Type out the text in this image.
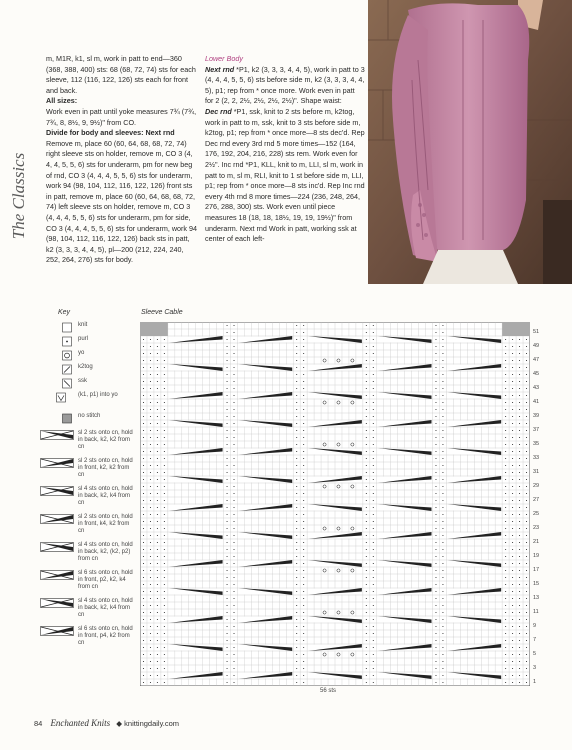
The Classics

m, M1R, k1, sl m, work in patt to end—360 (368, 388, 400) sts: 68 (68, 72, 74) sts for each sleeve, 112 (116, 122, 126) sts each for front and back.

All sizes:

Work even in patt until yoke measures 7¾ (7¾, 7¾, 8, 8½, 9, 9½)" from CO.

Divide for body and sleeves: Next rnd

Remove m, place 60 (60, 64, 68, 68, 72, 74) right sleeve sts on holder, remove m, CO 3 (4, 4, 4, 5, 5, 6) sts for underarm, pm for new beg of rnd, CO 3 (4, 4, 4, 5, 5, 6) sts for underarm, work 94 (98, 104, 112, 116, 122, 126) front sts in patt, remove m, place 60 (60, 64, 68, 68, 72, 74) left sleeve sts on holder, remove m, CO 3 (4, 4, 4, 5, 5, 6) sts for underarm, pm for side, CO 3 (4, 4, 4, 5, 5, 6) sts for underarm, work 94 (98, 104, 112, 116, 122, 126) back sts in patt, k2 (3, 3, 3, 4, 4, 5), pl—200 (212, 224, 240, 252, 264, 276) sts for body.

Lower Body

Next rnd *P1, k2 (3, 3, 3, 4, 4, 5), work in patt to 3 (4, 4, 4, 5, 5, 6) sts before side m, k2 (3, 3, 3, 4, 4, 5), p1; rep from * once more. Work even in patt for 2 (2, 2, 2½, 2½, 2½, 2½)". Shape waist:

Dec rnd *P1, ssk, knit to 2 sts before m, k2tog, work in patt to m, ssk, knit to 3 sts before side m, k2tog, p1; rep from * once more—8 sts dec'd. Rep Dec rnd every 3rd rnd 5 more times—152 (164, 176, 192, 204, 216, 228) sts rem. Work even for 2½". Inc rnd *P1, KLL, knit to m, LLI, sl m, work in patt to m, sl m, RLI, knit to 1 st before side m, LLI, p1; rep from * once more—8 sts inc'd. Rep Inc rnd every 4th rnd 8 more times—224 (236, 248, 264, 276, 288, 300) sts. Work even until piece measures 18 (18, 18, 18½, 19, 19, 19½)" from underarm. Next rnd Work in patt, working ssk at center of each left-

Key
knit
purl
yo
k2tog
ssk
(k1, p1) into yo
no stitch
sl 2 sts onto cn, hold in back, k2, k2 from cn
sl 2 sts onto cn, hold in front, k2, k2 from cn
sl 4 sts onto cn, hold in back, k2, k4 from cn
sl 2 sts onto cn, hold in front, k4, k2 from cn
sl 4 sts onto cn, hold in back, k2, (k2, p2) from cn
sl 6 sts onto cn, hold in front, p2, k2, k4 from cn
sl 4 sts onto cn, hold in back, k2, k4 from cn
sl 6 sts onto cn, hold in front, p4, k2 from cn
Sleeve Cable
51
49
47
45
43
41
39
37
35
33
31
29
27
25
23
21
19
17
15
13
11
9
7
5
3
1
56 sts
84 Enchanted Knits ◆ knittingdaily.com
